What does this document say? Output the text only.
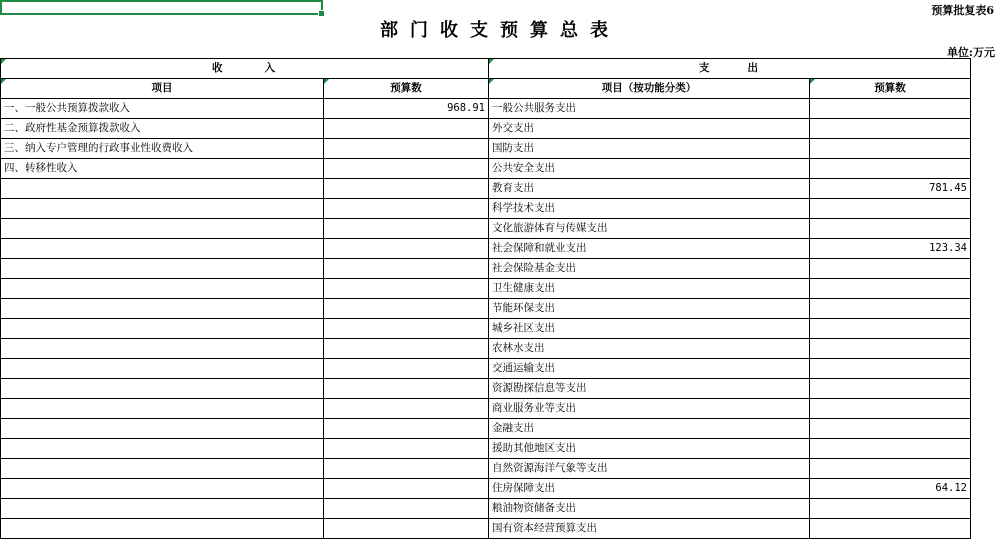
预算批复表6
部门收支预算总表
单位:万元
收 入		支 出	

项目	预算数	项目（按功能分类）	预算数
一、一般公共预算拨款收入	968.91	一般公共服务支出	
二、政府性基金预算拨款收入		外交支出	
三、纳入专户管理的行政事业性收费收入		国防支出	
四、转移性收入		公共安全支出	
		教育支出	781.45
		科学技术支出	
		文化旅游体育与传媒支出	
		社会保障和就业支出	123.34
		社会保险基金支出	
		卫生健康支出	
		节能环保支出	
		城乡社区支出	
		农林水支出	
		交通运输支出	
		资源勘探信息等支出	
		商业服务业等支出	
		金融支出	
		援助其他地区支出	
		自然资源海洋气象等支出	
		住房保障支出	64.12
		粮油物资储备支出	
		国有资本经营预算支出	
